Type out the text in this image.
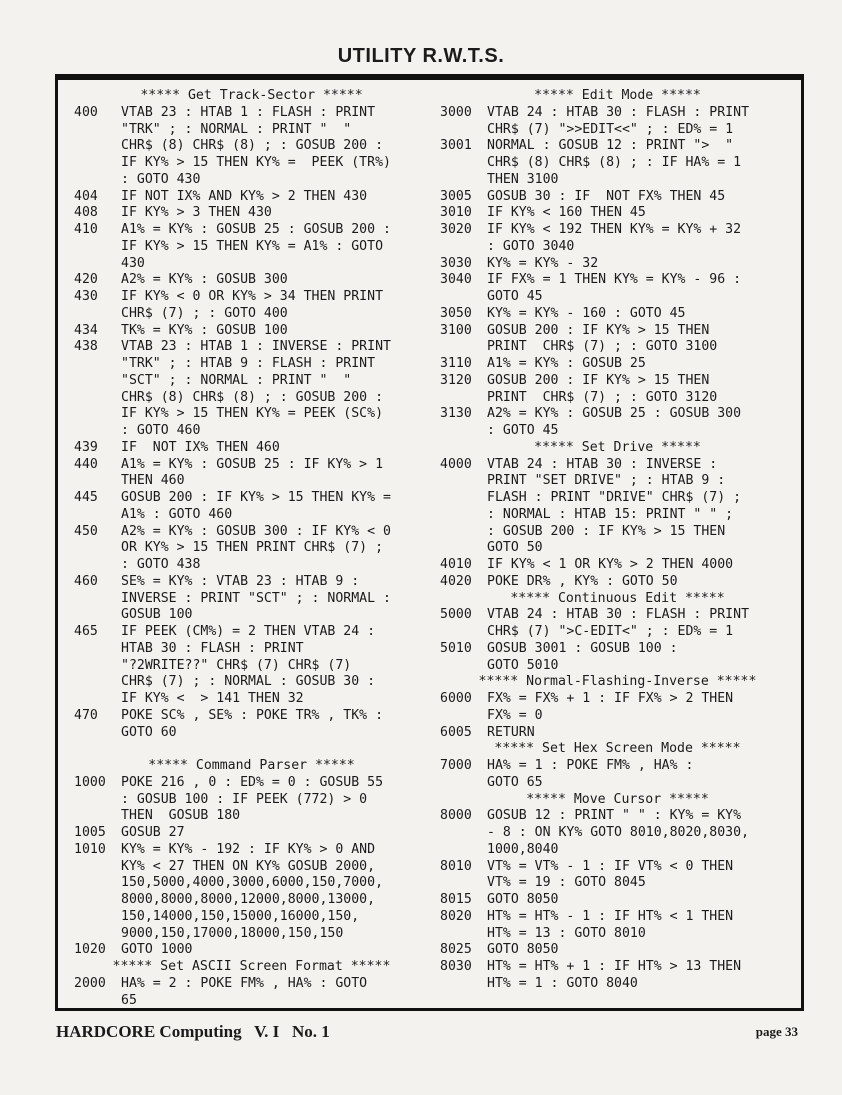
UTILITY R.W.T.S.
***** Get Track-Sector *****
400	VTAB 23 : HTAB 1 : FLASH : PRINT
"TRK" ; : NORMAL : PRINT "  "
CHR$ (8) CHR$ (8) ; : GOSUB 200 :
IF KY% > 15 THEN KY% =  PEEK (TR%)
: GOTO 430
404	IF NOT IX% AND KY% > 2 THEN 430
408	IF KY% > 3 THEN 430
410	A1% = KY% : GOSUB 25 : GOSUB 200 :
IF KY% > 15 THEN KY% = A1% : GOTO
430
420	A2% = KY% : GOSUB 300
430	IF KY% < 0 OR KY% > 34 THEN PRINT
CHR$ (7) ; : GOTO 400
434	TK% = KY% : GOSUB 100
438	VTAB 23 : HTAB 1 : INVERSE : PRINT
"TRK" ; : HTAB 9 : FLASH : PRINT
"SCT" ; : NORMAL : PRINT "  "
CHR$ (8) CHR$ (8) ; : GOSUB 200 :
IF KY% > 15 THEN KY% = PEEK (SC%)
: GOTO 460
439	IF  NOT IX% THEN 460
440	A1% = KY% : GOSUB 25 : IF KY% > 1
THEN 460
445	GOSUB 200 : IF KY% > 15 THEN KY% =
A1% : GOTO 460
450	A2% = KY% : GOSUB 300 : IF KY% < 0
OR KY% > 15 THEN PRINT CHR$ (7) ;
: GOTO 438
460	SE% = KY% : VTAB 23 : HTAB 9 :
INVERSE : PRINT "SCT" ; : NORMAL :
GOSUB 100
465	IF PEEK (CM%) = 2 THEN VTAB 24 :
HTAB 30 : FLASH : PRINT
"?2WRITE??" CHR$ (7) CHR$ (7)
CHR$ (7) ; : NORMAL : GOSUB 30 :
IF KY% <  > 141 THEN 32
470	POKE SC% , SE% : POKE TR% , TK% :
GOTO 60

***** Command Parser *****
1000	POKE 216 , 0 : ED% = 0 : GOSUB 55
: GOSUB 100 : IF PEEK (772) > 0
THEN  GOSUB 180
1005	GOSUB 27
1010	KY% = KY% - 192 : IF KY% > 0 AND
KY% < 27 THEN ON KY% GOSUB 2000,
150,5000,4000,3000,6000,150,7000,
8000,8000,8000,12000,8000,13000,
150,14000,150,15000,16000,150,
9000,150,17000,18000,150,150
1020	GOTO 1000
***** Set ASCII Screen Format *****
2000	HA% = 2 : POKE FM% , HA% : GOTO
65
***** Edit Mode *****
3000	VTAB 24 : HTAB 30 : FLASH : PRINT
CHR$ (7) ">>EDIT<<" ; : ED% = 1
3001	NORMAL : GOSUB 12 : PRINT ">  "
CHR$ (8) CHR$ (8) ; : IF HA% = 1
THEN 3100
3005	GOSUB 30 : IF  NOT FX% THEN 45
3010	IF KY% < 160 THEN 45
3020	IF KY% < 192 THEN KY% = KY% + 32
: GOTO 3040
3030	KY% = KY% - 32
3040	IF FX% = 1 THEN KY% = KY% - 96 :
GOTO 45
3050	KY% = KY% - 160 : GOTO 45
3100	GOSUB 200 : IF KY% > 15 THEN
PRINT  CHR$ (7) ; : GOTO 3100
3110	A1% = KY% : GOSUB 25
3120	GOSUB 200 : IF KY% > 15 THEN
PRINT  CHR$ (7) ; : GOTO 3120
3130	A2% = KY% : GOSUB 25 : GOSUB 300
: GOTO 45
***** Set Drive *****
4000	VTAB 24 : HTAB 30 : INVERSE :
PRINT "SET DRIVE" ; : HTAB 9 :
FLASH : PRINT "DRIVE" CHR$ (7) ;
: NORMAL : HTAB 15: PRINT " " ;
: GOSUB 200 : IF KY% > 15 THEN
GOTO 50
4010	IF KY% < 1 OR KY% > 2 THEN 4000
4020	POKE DR% , KY% : GOTO 50
***** Continuous Edit *****
5000	VTAB 24 : HTAB 30 : FLASH : PRINT
CHR$ (7) ">C-EDIT<" ; : ED% = 1
5010	GOSUB 3001 : GOSUB 100 :
GOTO 5010
***** Normal-Flashing-Inverse *****
6000	FX% = FX% + 1 : IF FX% > 2 THEN
FX% = 0
6005	RETURN
***** Set Hex Screen Mode *****
7000	HA% = 1 : POKE FM% , HA% :
GOTO 65
***** Move Cursor *****
8000	GOSUB 12 : PRINT " " : KY% = KY%
- 8 : ON KY% GOTO 8010,8020,8030,
1000,8040
8010	VT% = VT% - 1 : IF VT% < 0 THEN
VT% = 19 : GOTO 8045
8015	GOTO 8050
8020	HT% = HT% - 1 : IF HT% < 1 THEN
HT% = 13 : GOTO 8010
8025	GOTO 8050
8030	HT% = HT% + 1 : IF HT% > 13 THEN
HT% = 1 : GOTO 8040
HARDCORE Computing V. I No. 1	page 33
